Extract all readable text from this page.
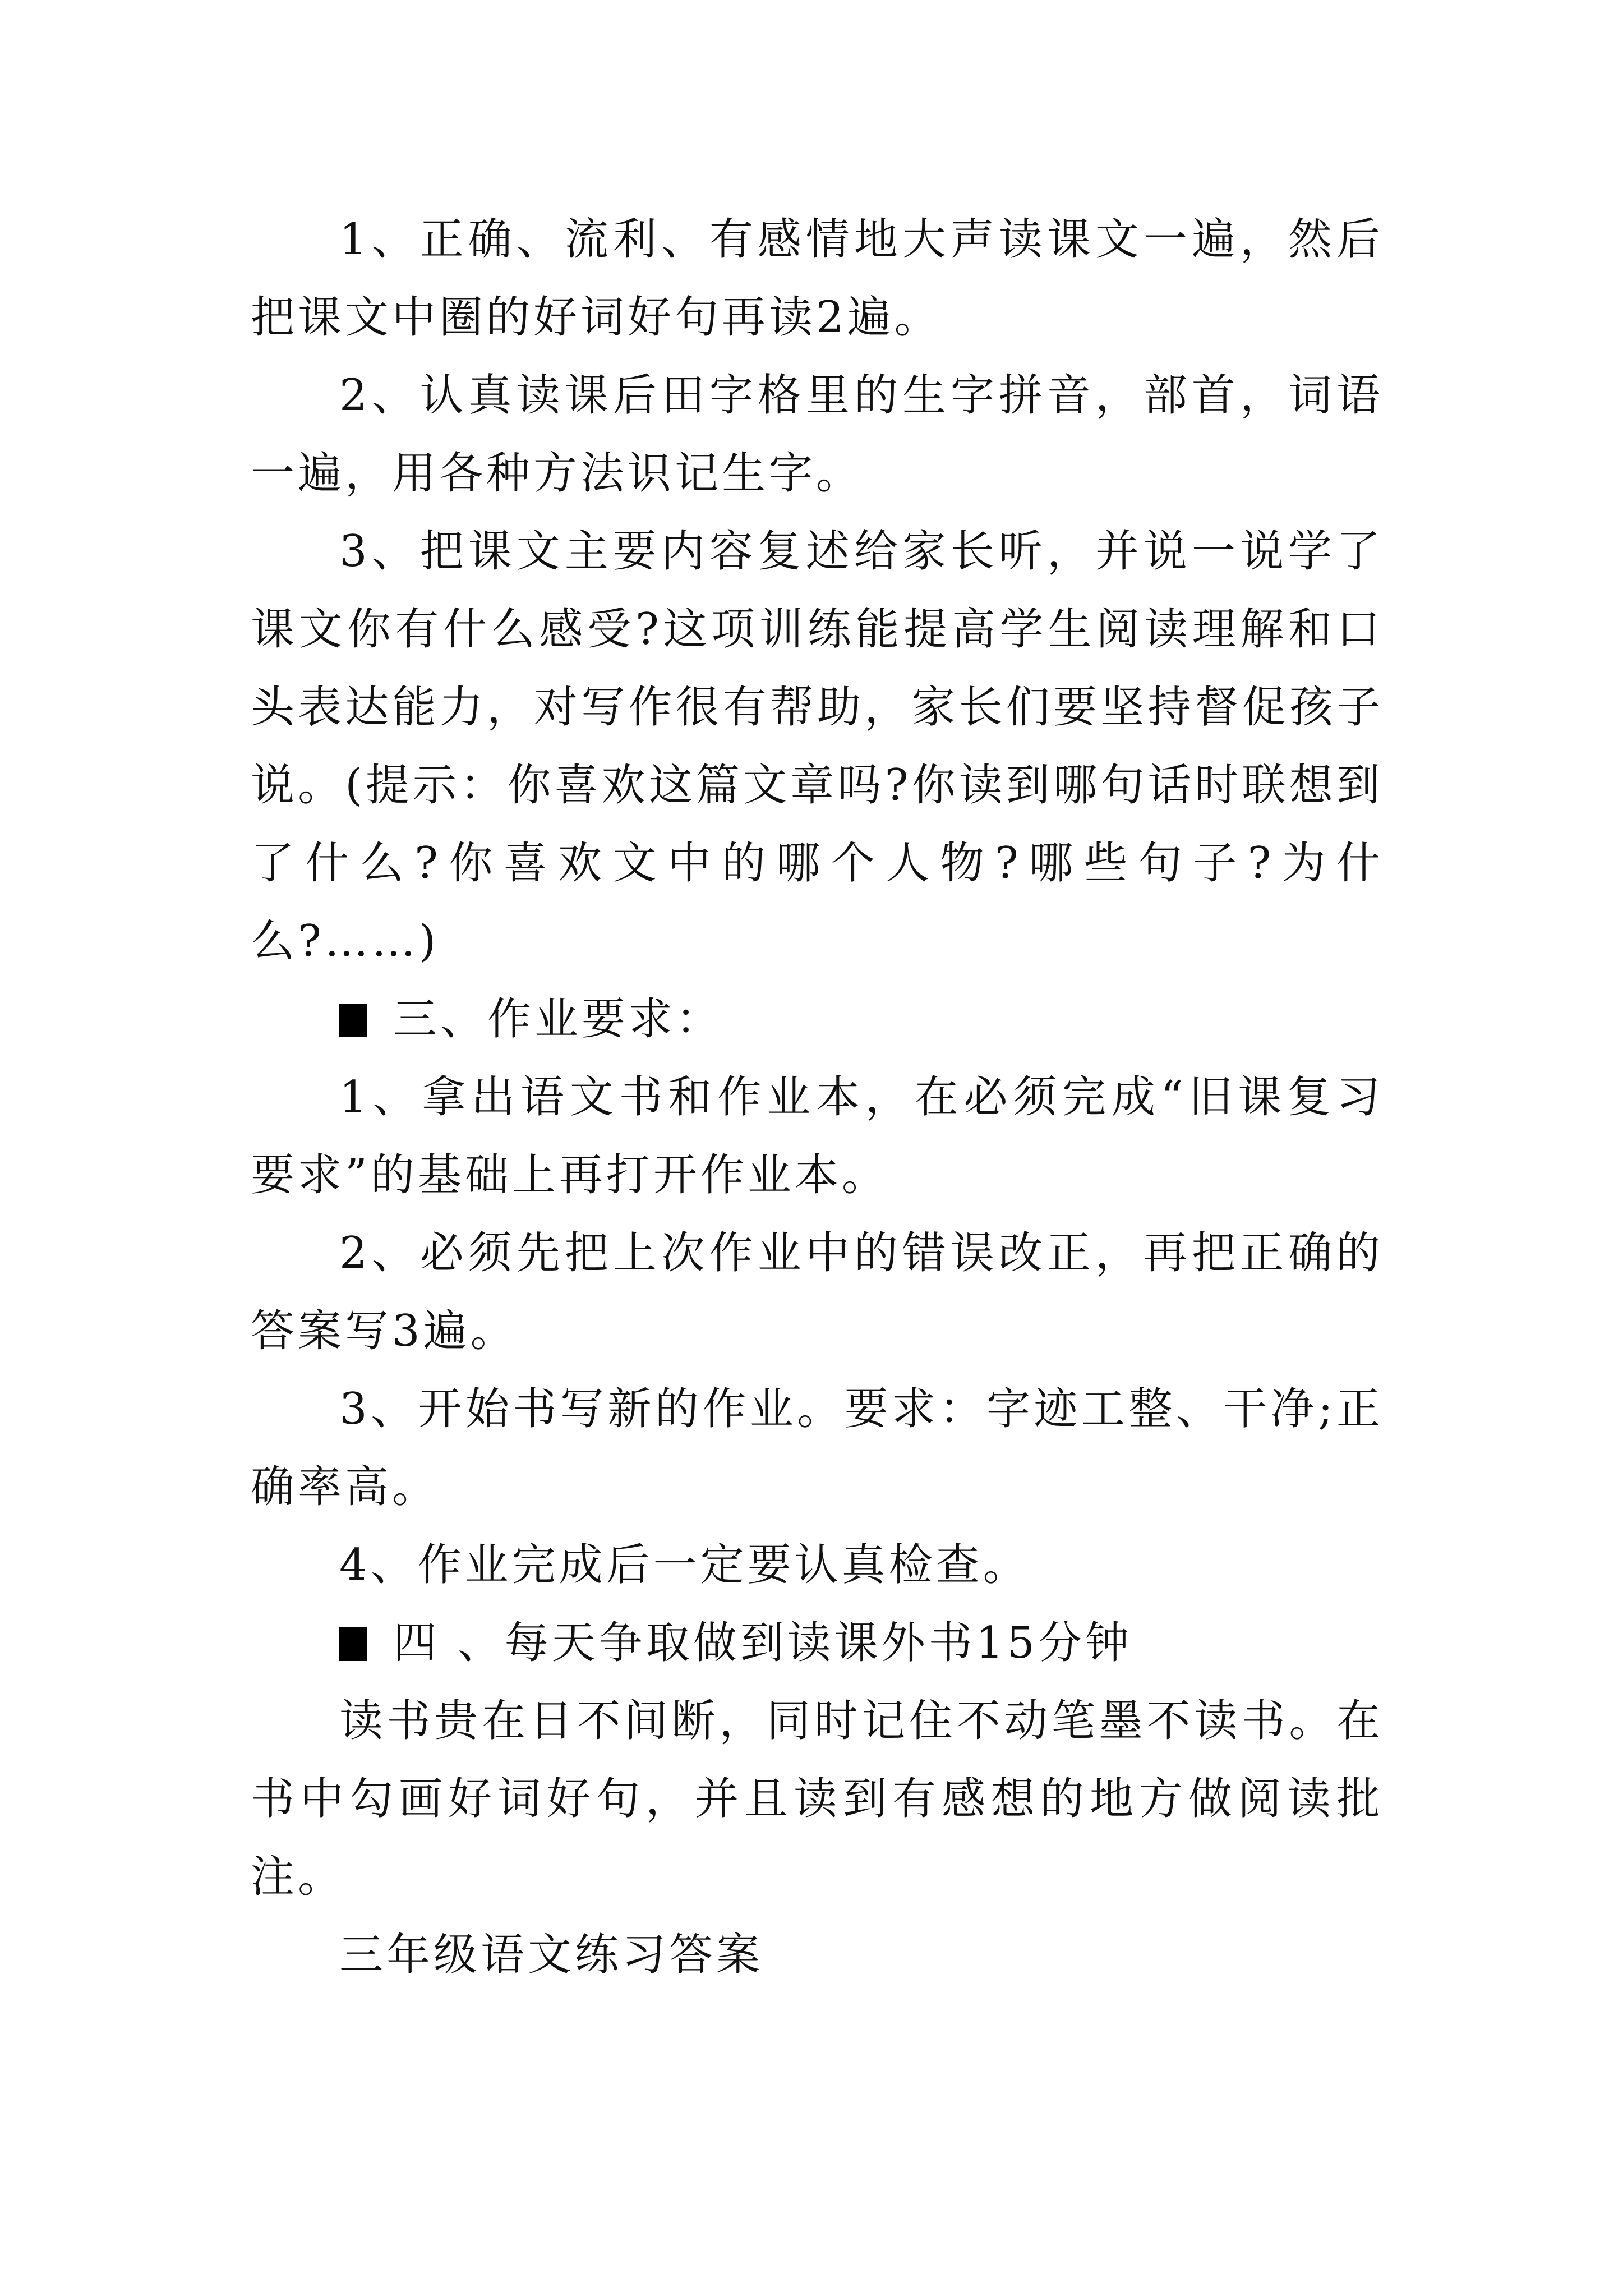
1、正确、流利、有感情地大声读课文一遍，然后把课文中圈的好词好句再读2遍。

2、认真读课后田字格里的生字拼音，部首，词语一遍，用各种方法识记生字。

3、把课文主要内容复述给家长听，并说一说学了课文你有什么感受?这项训练能提高学生阅读理解和口头表达能力，对写作很有帮助，家长们要坚持督促孩子说。(提示：你喜欢这篇文章吗?你读到哪句话时联想到了什么?你喜欢文中的哪个人物?哪些句子?为什么?……)

三、作业要求：

1、拿出语文书和作业本，在必须完成“旧课复习要求”的基础上再打开作业本。

2、必须先把上次作业中的错误改正，再把正确的答案写3遍。

3、开始书写新的作业。要求：字迹工整、干净;正确率高。

4、作业完成后一定要认真检查。

四 、每天争取做到读课外书15分钟

读书贵在日不间断，同时记住不动笔墨不读书。在书中勾画好词好句，并且读到有感想的地方做阅读批注。

三年级语文练习答案
